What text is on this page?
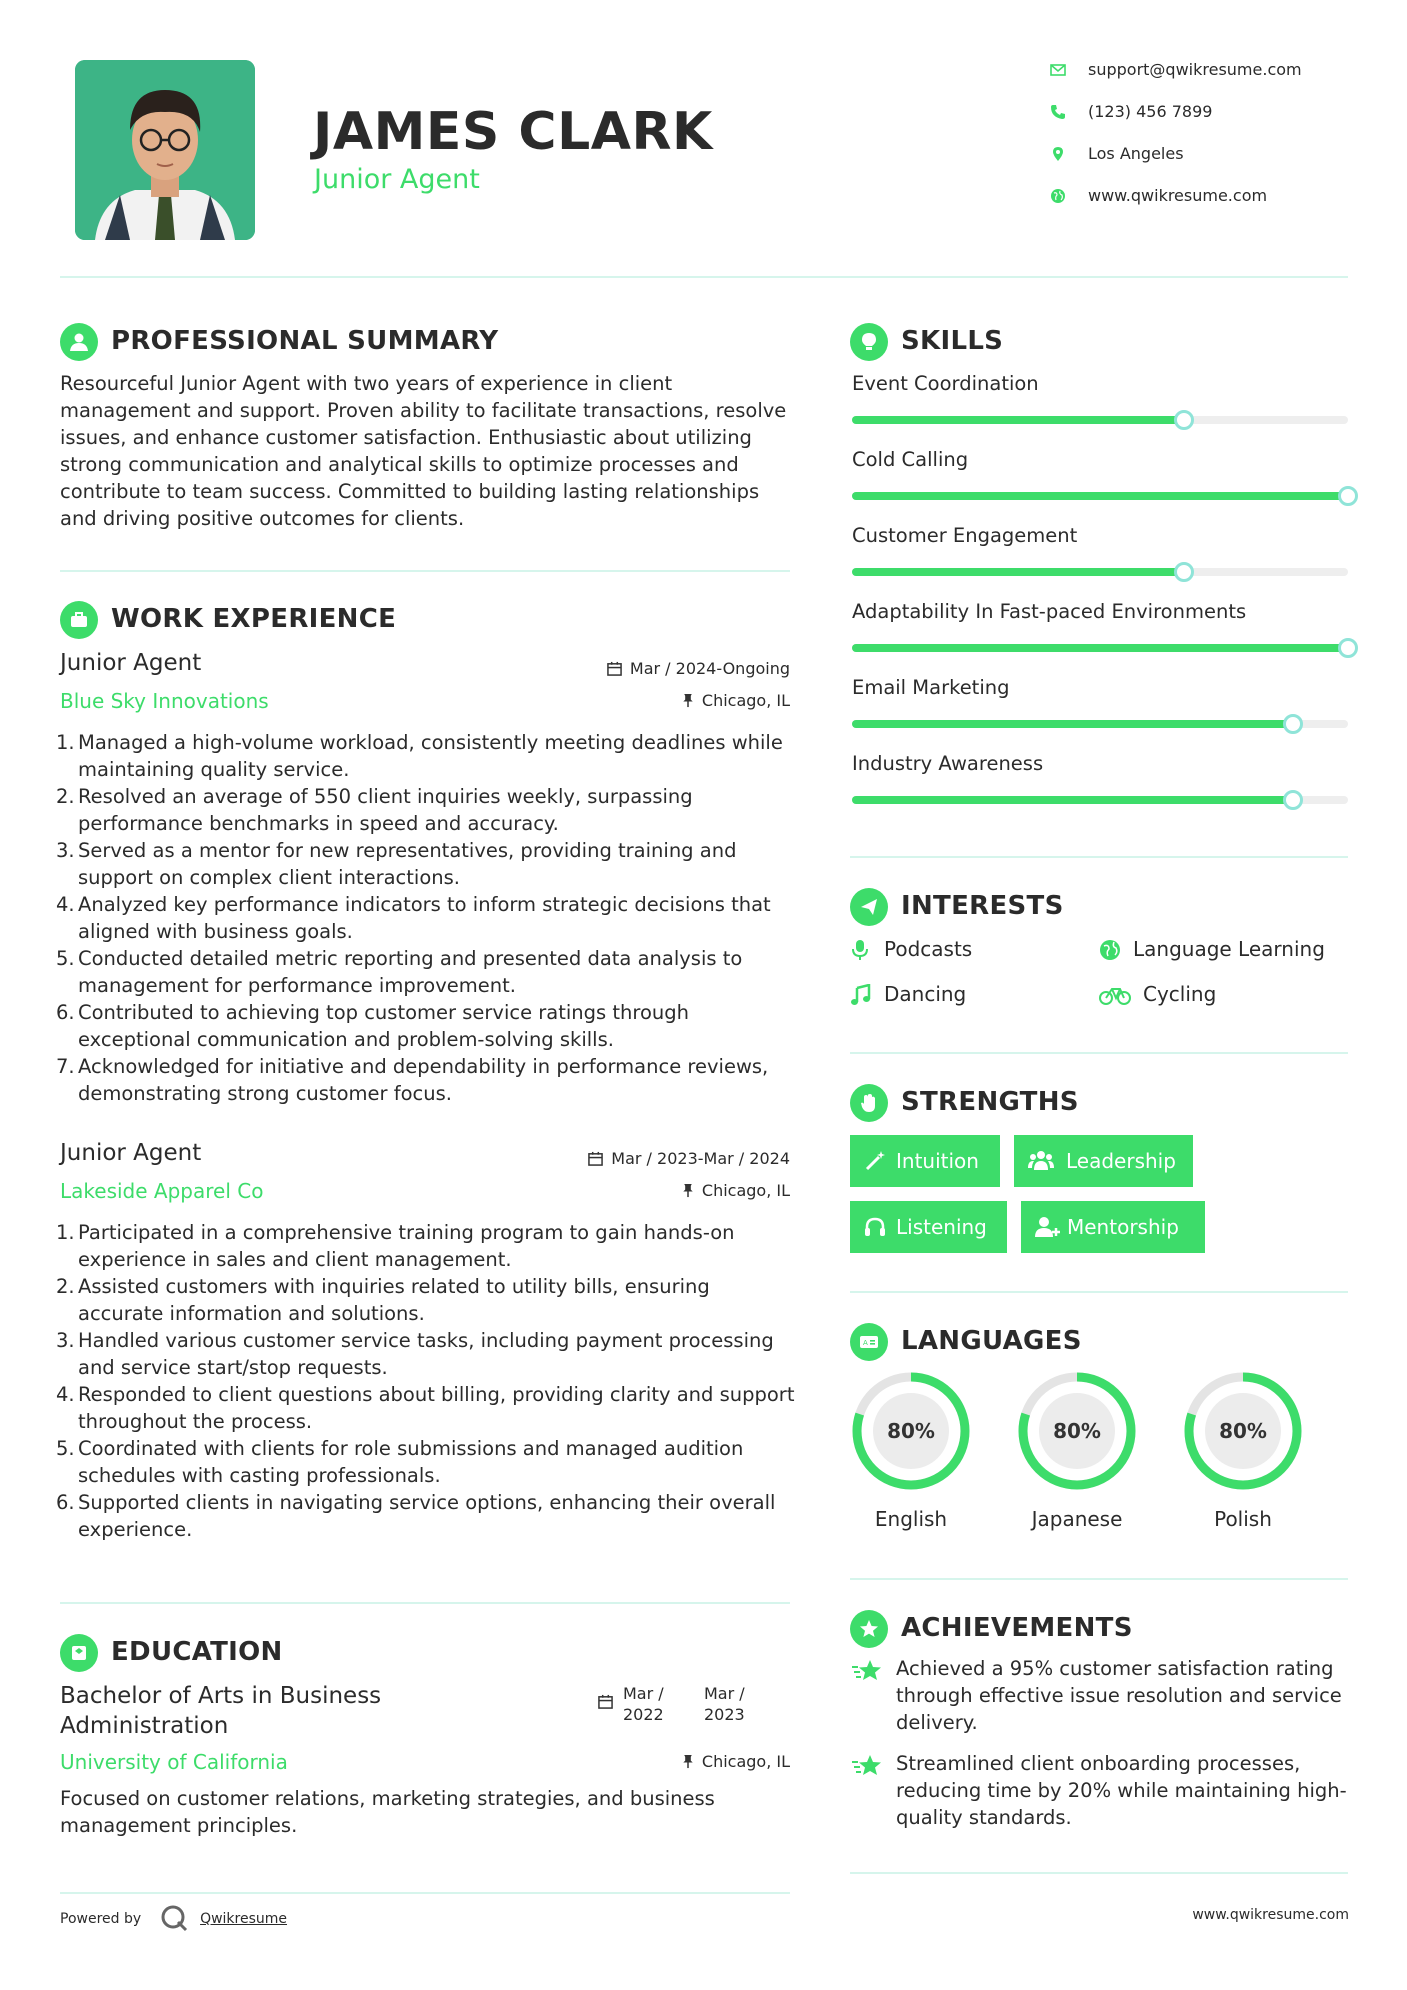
JAMES CLARK
Junior Agent
support@qwikresume.com
(123) 456 7899
Los Angeles
www.qwikresume.com
PROFESSIONAL SUMMARY
Resourceful Junior Agent with two years of experience in client management and support. Proven ability to facilitate transactions, resolve issues, and enhance customer satisfaction. Enthusiastic about utilizing strong communication and analytical skills to optimize processes and contribute to team success. Committed to building lasting relationships and driving positive outcomes for clients.
WORK EXPERIENCE
Junior Agent	Mar / 2024-Ongoing
Blue Sky Innovations	Chicago, IL
Managed a high-volume workload, consistently meeting deadlines while maintaining quality service.
Resolved an average of 550 client inquiries weekly, surpassing performance benchmarks in speed and accuracy.
Served as a mentor for new representatives, providing training and support on complex client interactions.
Analyzed key performance indicators to inform strategic decisions that aligned with business goals.
Conducted detailed metric reporting and presented data analysis to management for performance improvement.
Contributed to achieving top customer service ratings through exceptional communication and problem-solving skills.
Acknowledged for initiative and dependability in performance reviews, demonstrating strong customer focus.
Junior Agent	Mar / 2023-Mar / 2024
Lakeside Apparel Co	Chicago, IL
Participated in a comprehensive training program to gain hands-on experience in sales and client management.
Assisted customers with inquiries related to utility bills, ensuring accurate information and solutions.
Handled various customer service tasks, including payment processing and service start/stop requests.
Responded to client questions about billing, providing clarity and support throughout the process.
Coordinated with clients for role submissions and managed audition schedules with casting professionals.
Supported clients in navigating service options, enhancing their overall experience.
EDUCATION
Bachelor of Arts in Business Administration
Mar /
2022
Mar /
2023
University of California	Chicago, IL
Focused on customer relations, marketing strategies, and business management principles.
SKILLS
Event Coordination
Cold Calling
Customer Engagement
Adaptability In Fast-paced Environments
Email Marketing
Industry Awareness
INTERESTS
Podcasts	Language Learning
Dancing	Cycling
STRENGTHS
Intuition	Leadership
Listening	Mentorship
A LANGUAGES
80%
English
80%
Japanese
80%
Polish
ACHIEVEMENTS
Achieved a 95% customer satisfaction rating through effective issue resolution and service delivery.
Streamlined client onboarding processes, reducing time by 20% while maintaining high-quality standards.
Powered by	Qwikresume	www.qwikresume.com
